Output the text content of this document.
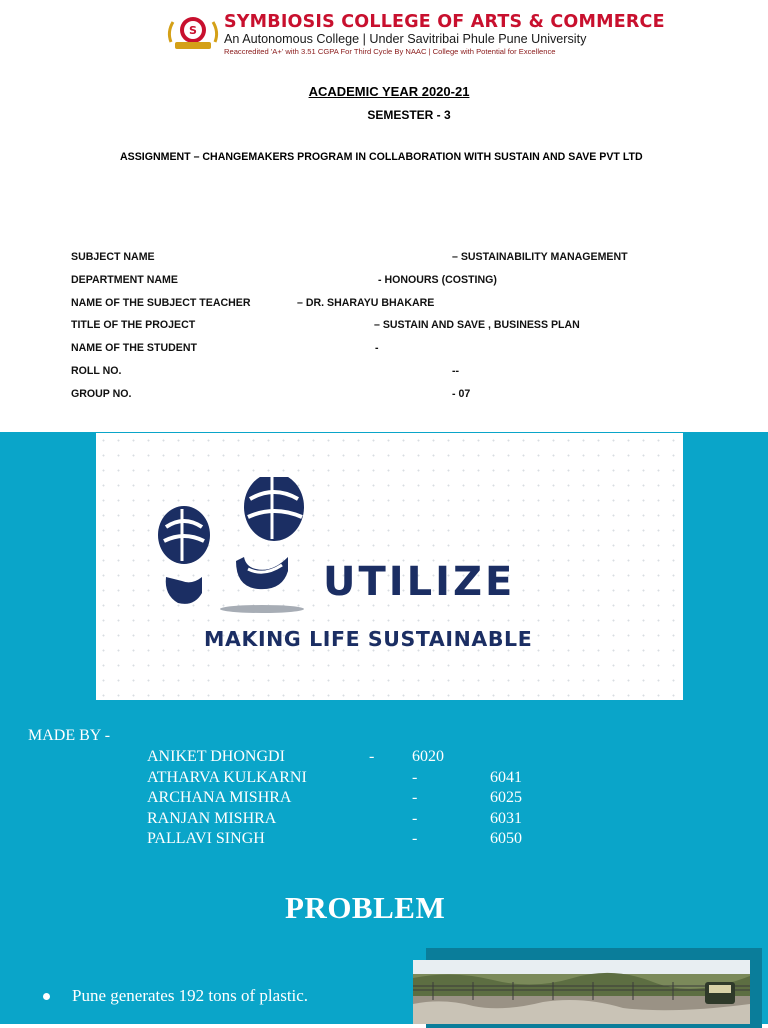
S SYMBIOSIS COLLEGE OF ARTS & COMMERCE
An Autonomous College | Under Savitribai Phule Pune University
Reaccredited 'A+' with 3.51 CGPA For Third Cycle By NAAC | College with Potential for Excellence
ACADEMIC YEAR 2020-21
SEMESTER - 3
ASSIGNMENT – CHANGEMAKERS PROGRAM IN COLLABORATION WITH SUSTAIN AND SAVE PVT LTD
SUBJECT NAME	– SUSTAINABILITY MANAGEMENT
DEPARTMENT NAME	- HONOURS (COSTING)
NAME OF THE SUBJECT TEACHER	– DR. SHARAYU BHAKARE
TITLE OF THE PROJECT	– SUSTAIN AND SAVE , BUSINESS PLAN
NAME OF THE STUDENT	-
ROLL NO.	--
GROUP NO.	- 07
UTILIZE
MAKING LIFE SUSTAINABLE
MADE BY -
ANIKET DHONGDI	- 6020
ATHARVA KULKARNI	-	6041
ARCHANA MISHRA	-	6025
RANJAN MISHRA	-	6031
PALLAVI SINGH	-	6050
PROBLEM
Pune generates 192 tons of plastic.
